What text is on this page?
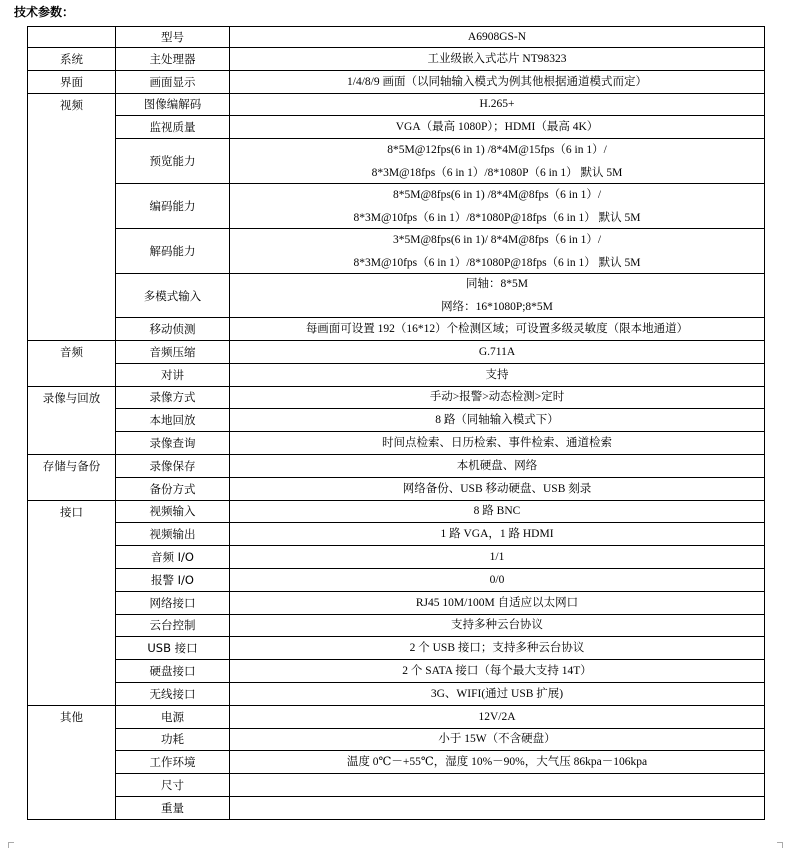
技术参数：
	型号	A6908GS-N
系统	主处理器	工业级嵌入式芯片 NT98323

界面	画面显示	1/4/8/9 画面（以同轴输入模式为例其他根据通道模式而定）

视频	图像编解码	H.265+

	监视质量	VGA（最高 1080P）；HDMI（最高 4K）

	预览能力	8*5M@12fps(6 in 1) /8*4M@15fps（6 in 1）/
8*3M@18fps（6 in 1）/8*1080P（6 in 1） 默认 5M

	编码能力	8*5M@8fps(6 in 1) /8*4M@8fps（6 in 1）/
8*3M@10fps（6 in 1）/8*1080P@18fps（6 in 1） 默认 5M

	解码能力	3*5M@8fps(6 in 1)/ 8*4M@8fps（6 in 1）/
8*3M@10fps（6 in 1）/8*1080P@18fps（6 in 1） 默认 5M

	多模式输入	同轴：8*5M
网络：16*1080P;8*5M

	移动侦测	每画面可设置 192（16*12）个检测区域；可设置多级灵敏度（限本地通道）

音频	音频压缩	G.711A

	对讲	支持

录像与回放	录像方式	手动>报警>动态检测>定时

	本地回放	8 路（同轴输入模式下）

	录像查询	时间点检索、日历检索、事件检索、通道检索

存储与备份	录像保存	本机硬盘、网络

	备份方式	网络备份、USB 移动硬盘、USB 刻录

接口	视频输入	8 路 BNC

	视频输出	1 路 VGA，1 路 HDMI

	音频 I/O	1/1

	报警 I/O	0/0

	网络接口	RJ45 10M/100M 自适应以太网口

	云台控制	支持多种云台协议

	USB 接口	2 个 USB 接口；支持多种云台协议

	硬盘接口	2 个 SATA 接口（每个最大支持 14T）

	无线接口	3G、WIFI(通过 USB 扩展)

其他	电源	12V/2A

	功耗	小于 15W（不含硬盘）

	工作环境	温度 0℃－+55℃，湿度 10%－90%，大气压 86kpa－106kpa

	尺寸	
	重量	
